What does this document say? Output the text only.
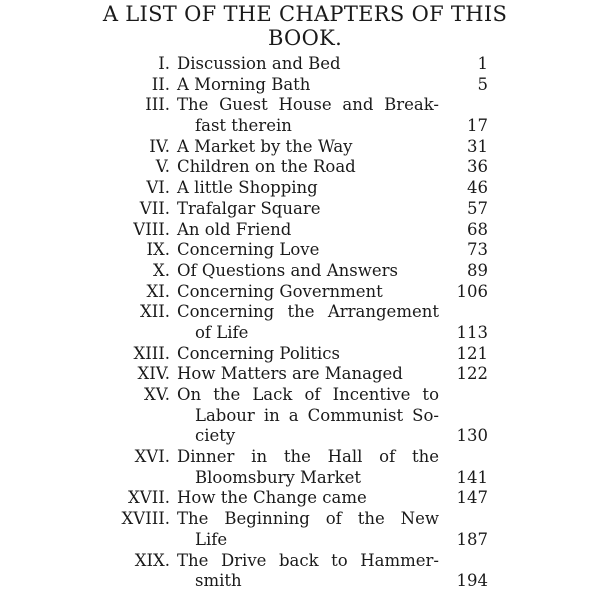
A LIST OF THE CHAPTERS OF THIS
BOOK.
I. Discussion and Bed	1
II. A Morning Bath	5
III. The Guest House and Break-
fast therein	17
IV. A Market by the Way	31
V. Children on the Road	36
VI. A little Shopping	46
VII. Trafalgar Square	57
VIII. An old Friend	68
IX. Concerning Love	73
X. Of Questions and Answers	89
XI. Concerning Government	106
XII. Concerning the Arrangement
of Life	113
XIII. Concerning Politics	121
XIV. How Matters are Managed	122
XV. On the Lack of Incentive to
Labour in a Communist So-
ciety	130
XVI. Dinner in the Hall of the
Bloomsbury Market	141
XVII. How the Change came	147
XVIII. The Beginning of the New
Life	187
XIX. The Drive back to Hammer-
smith	194
